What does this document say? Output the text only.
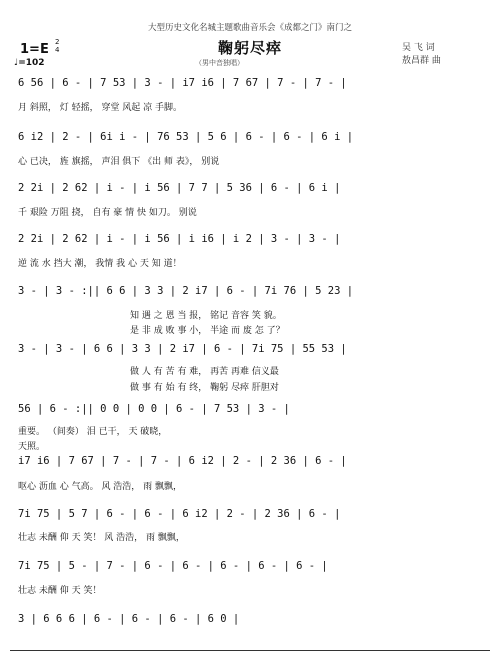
大型历史文化名城主题歌曲音乐会《成都之门》南门之
鞠躬尽瘁
1=E 2
4
♩=102	（男中音独唱）
吴 飞 词
敖昌群 曲
6 56 | 6 - | 7 53 | 3 - | i7 i6 | 7 67 | 7 - | 7 - |
月 斜照， 灯 轻摇， 穿堂 风起 凉 手脚。
6 i2 | 2 - | 6i i - | 76 53 | 5 6 | 6 - | 6 - | 6 i |
心 已决， 旌 旗摇， 声泪 俱下 《出 师 表》， 别说
2 2i | 2 62 | i - | i 56 | 7 7 | 5 36 | 6 - | 6 i |
千 艰险 万阻 挠， 自有 豪 情 快 如刀。 别说
2 2i | 2 62 | i - | i 56 | i i6 | i 2 | 3 - | 3 - |
逆 流 水 挡大 潮， 我情 我 心 天 知 道！
3 - | 3 - :|| 6 6 | 3 3 | 2 i7 | 6 - | 7i 76 | 5 23 |
知 遇 之 恩 当 报， 铭记 音容 笑 貌。
是 非 成 败 事 小， 半途 而 废 怎 了？
3 - | 3 - | 6 6 | 3 3 | 2 i7 | 6 - | 7i 75 | 55 53 |
做 人 有 苦 有 难， 再苦 再难 信义最
做 事 有 始 有 终， 鞠躬 尽瘁 肝胆对
56 | 6 - :|| 0 0 | 0 0 | 6 - | 7 53 | 3 - |
重要。 （间奏） 泪 已干， 天 破晓，
天照。
i7 i6 | 7 67 | 7 - | 7 - | 6 i2 | 2 - | 2 36 | 6 - |
呕心 沥血 心 气高。 风 浩浩， 雨 飘飘，
7i 75 | 5 7 | 6 - | 6 - | 6 i2 | 2 - | 2 36 | 6 - |
壮志 未酬 仰 天 笑！ 风 浩浩， 雨 飘飘，
7i 75 | 5 - | 7 - | 6 - | 6 - | 6 - | 6 - | 6 - |
壮志 未酬 仰 天 笑！
3 | 6 6 6 | 6 - | 6 - | 6 - | 6 0 |
